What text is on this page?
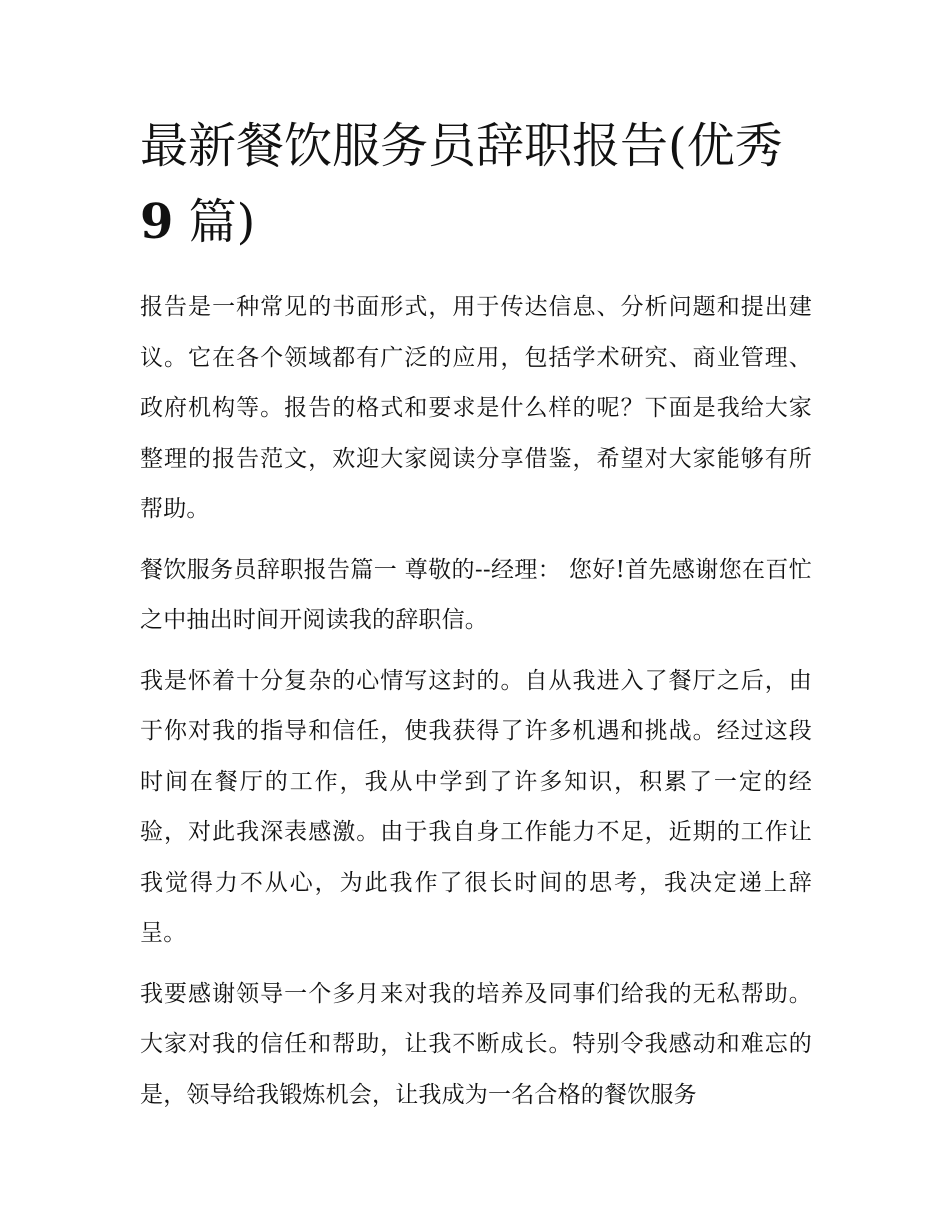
最新餐饮服务员辞职报告(优秀
9 篇)

报告是一种常见的书面形式，用于传达信息、分析问题和提出建议。它在各个领域都有广泛的应用，包括学术研究、商业管理、政府机构等。报告的格式和要求是什么样的呢？下面是我给大家整理的报告范文，欢迎大家阅读分享借鉴，希望对大家能够有所帮助。

餐饮服务员辞职报告篇一 尊敬的--经理： 您好!首先感谢您在百忙之中抽出时间开阅读我的辞职信。

我是怀着十分复杂的心情写这封的。自从我进入了餐厅之后，由于你对我的指导和信任，使我获得了许多机遇和挑战。经过这段时间在餐厅的工作，我从中学到了许多知识，积累了一定的经验，对此我深表感激。由于我自身工作能力不足，近期的工作让我觉得力不从心，为此我作了很长时间的思考，我决定递上辞呈。

我要感谢领导一个多月来对我的培养及同事们给我的无私帮助。大家对我的信任和帮助，让我不断成长。特别令我感动和难忘的是，领导给我锻炼机会，让我成为一名合格的餐饮服务
